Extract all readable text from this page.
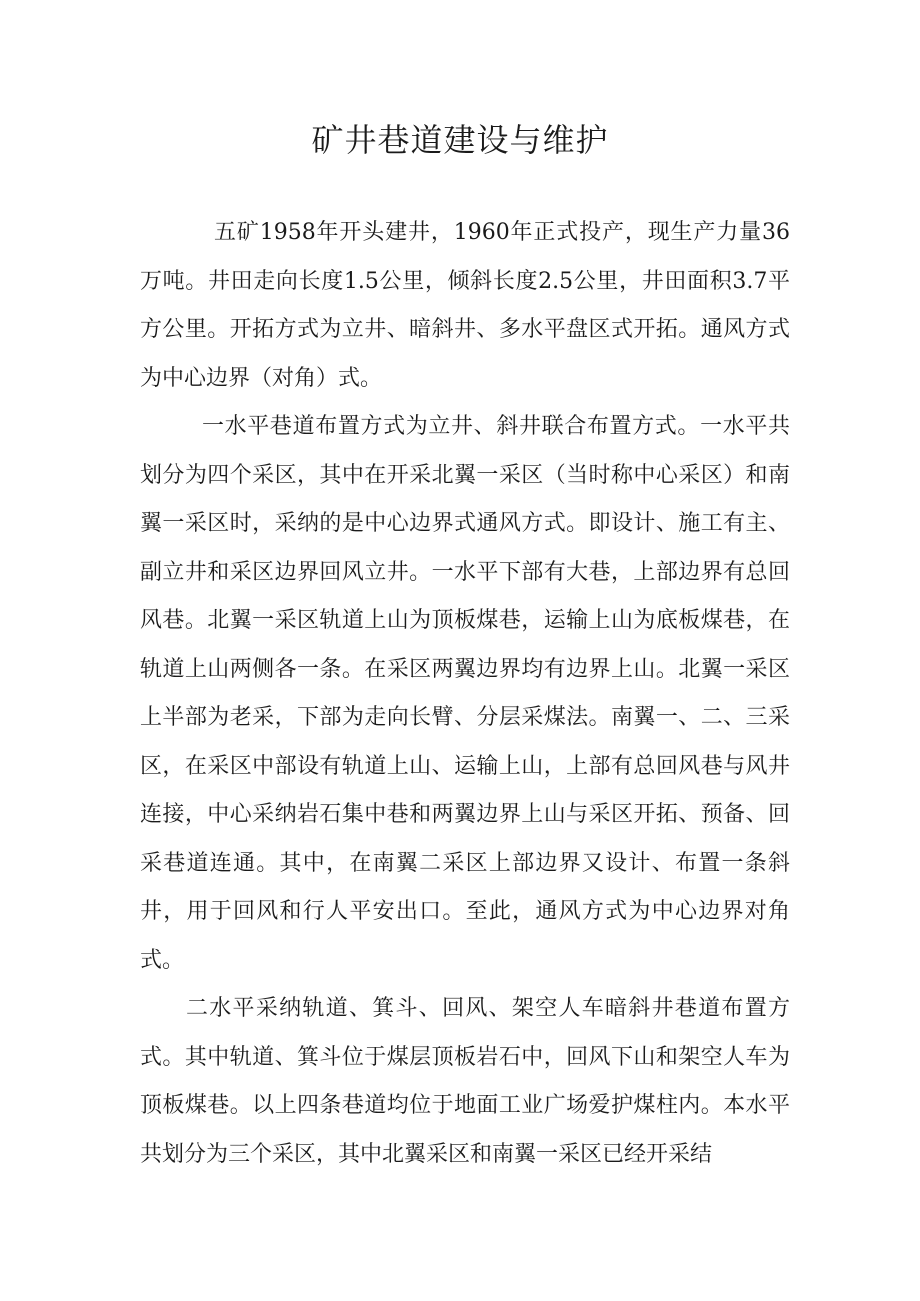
矿井巷道建设与维护

五矿1958年开头建井，1960年正式投产，现生产力量36万吨。井田走向长度1.5公里，倾斜长度2.5公里，井田面积3.7平方公里。开拓方式为立井、暗斜井、多水平盘区式开拓。通风方式为中心边界（对角）式。

一水平巷道布置方式为立井、斜井联合布置方式。一水平共划分为四个采区，其中在开采北翼一采区（当时称中心采区）和南翼一采区时，采纳的是中心边界式通风方式。即设计、施工有主、副立井和采区边界回风立井。一水平下部有大巷，上部边界有总回风巷。北翼一采区轨道上山为顶板煤巷，运输上山为底板煤巷，在轨道上山两侧各一条。在采区两翼边界均有边界上山。北翼一采区上半部为老采，下部为走向长臂、分层采煤法。南翼一、二、三采区，在采区中部设有轨道上山、运输上山，上部有总回风巷与风井连接，中心采纳岩石集中巷和两翼边界上山与采区开拓、预备、回采巷道连通。其中，在南翼二采区上部边界又设计、布置一条斜井，用于回风和行人平安出口。至此，通风方式为中心边界对角式。

二水平采纳轨道、箕斗、回风、架空人车暗斜井巷道布置方式。其中轨道、箕斗位于煤层顶板岩石中，回风下山和架空人车为顶板煤巷。以上四条巷道均位于地面工业广场爱护煤柱内。本水平共划分为三个采区，其中北翼采区和南翼一采区已经开采结
